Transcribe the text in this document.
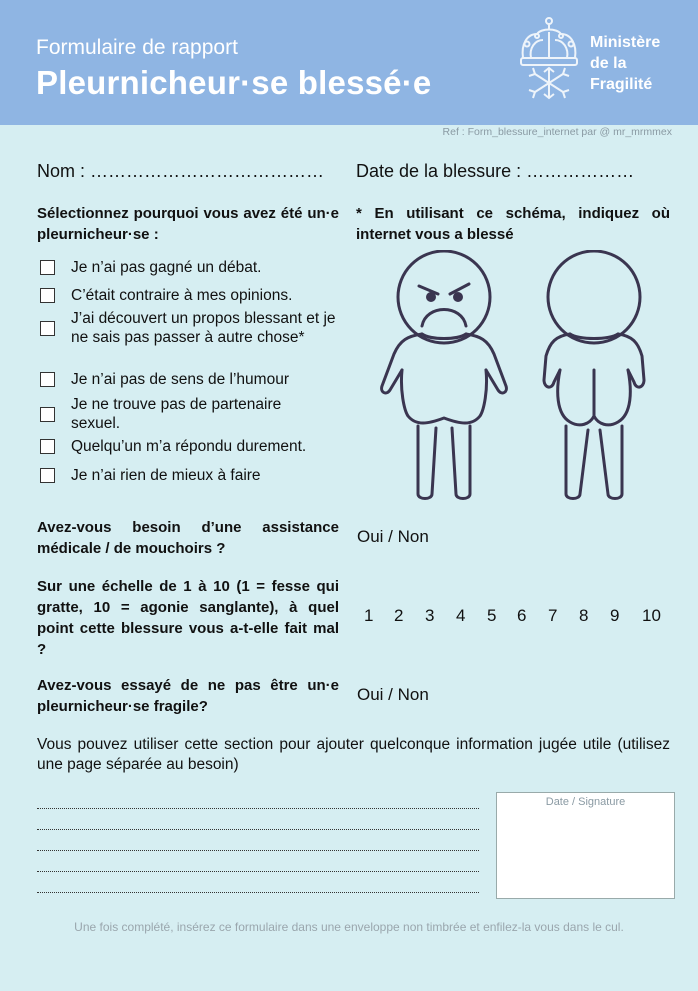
Formulaire de rapport
Pleurnicheur·se blessé·e
Ministère
de la
Fragilité
Ref : Form_blessure_internet par @ mr_mrmmex
Nom : ………………………………… Date de la blessure : ………………
Sélectionnez pourquoi vous avez été un·e pleurnicheur·se :
Je n’ai pas gagné un débat.
C’était contraire à mes opinions.
J’ai découvert un propos blessant et je ne sais pas passer à autre chose*
Je n’ai pas de sens de l’humour
Je ne trouve pas de partenaire sexuel.
Quelqu’un m’a répondu durement.
Je n’ai rien de mieux à faire
* En utilisant ce schéma, indiquez où internet vous a blessé
Avez-vous besoin d’une assistance médicale / de mouchoirs ?
Oui / Non
Sur une échelle de 1 à 10 (1 = fesse qui gratte, 10 = agonie sanglante), à quel point cette blessure vous a-t-elle fait mal ?
1 2 3 4 5 6 7 8 9 10
Avez-vous essayé de ne pas être un·e pleurnicheur·se fragile?
Oui / Non
Vous pouvez utiliser cette section pour ajouter quelconque information jugée utile (utilisez une page séparée au besoin)
Date / Signature
Une fois complété, insérez ce formulaire dans une enveloppe non timbrée et enfilez-la vous dans le cul.
